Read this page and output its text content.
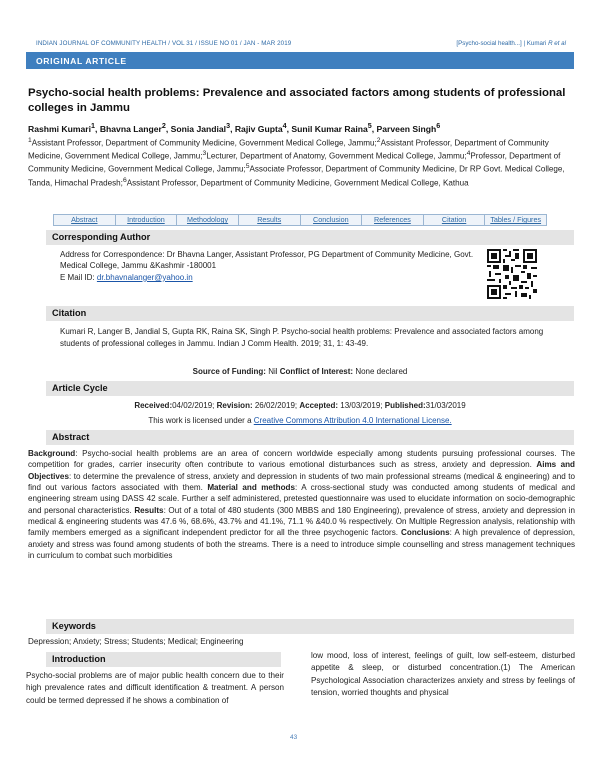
INDIAN JOURNAL OF COMMUNITY HEALTH / VOL 31 / ISSUE NO 01 / JAN - MAR 2019	[Psycho-social health...] | Kumari R et al
ORIGINAL ARTICLE
Psycho-social health problems: Prevalence and associated factors among students of professional colleges in Jammu
Rashmi Kumari$^1$, Bhavna Langer$^2$, Sonia Jandial$^3$, Rajiv Gupta$^4$, Sunil Kumar Raina$^5$, Parveen Singh$^6$
$^1$Assistant Professor, Department of Community Medicine, Government Medical College, Jammu;$^2$Assistant Professor, Department of Community Medicine, Government Medical College, Jammu;$^3$Lecturer, Department of Anatomy, Government Medical College, Jammu;$^4$Professor, Department of Community Medicine, Government Medical College, Jammu;$^5$Associate Professor, Department of Community Medicine, Dr RP Govt. Medical College, Tanda, Himachal Pradesh;$^6$Assistant Professor, Department of Community Medicine, Government Medical College, Kathua
Abstract	Introduction	Methodology	Results	Conclusion	References	Citation	Tables / Figures
Corresponding Author
Address for Correspondence: Dr Bhavna Langer, Assistant Professor, PG Department of Community Medicine, Govt. Medical College, Jammu &Kashmir -180001
E Mail ID: dr.bhavnalanger@yahoo.in
Citation
Kumari R, Langer B, Jandial S, Gupta RK, Raina SK, Singh P. Psycho-social health problems: Prevalence and associated factors among students of professional colleges in Jammu. Indian J Comm Health. 2019; 31, 1: 43-49.
Source of Funding: Nil Conflict of Interest: None declared
Article Cycle
Received:04/02/2019; Revision: 26/02/2019; Accepted: 13/03/2019; Published:31/03/2019
This work is licensed under a Creative Commons Attribution 4.0 International License.
Abstract
Background: Psycho-social health problems are an area of concern worldwide especially among students pursuing professional courses. The competition for grades, carrier insecurity often contribute to various emotional disturbances such as stress, anxiety and depression. Aims and Objectives: to determine the prevalence of stress, anxiety and depression in students of two main professional streams (medical & engineering) and to find out various factors associated with them. Material and methods: A cross-sectional study was conducted among students of medical and engineering stream using DASS 42 scale. Further a self administered, pretested questionnaire was used to elucidate information on socio-demographic and personal characteristics. Results: Out of a total of 480 students (300 MBBS and 180 Engineering), prevalence of stress, anxiety and depression in medical & engineering students was 47.6 %, 68.6%, 43.7% and 41.1%, 71.1 % &40.0 % respectively. On Multiple Regression analysis, relationship with family members emerged as a significant independent predictor for all the three psychogenic factors. Conclusions: A high prevalence of depression, anxiety and stress was found among students of both the streams. There is a need to introduce simple counselling and stress management techniques in curriculum to combat such morbidities
Keywords
Depression; Anxiety; Stress; Students; Medical; Engineering
Introduction
Psycho-social problems are of major public health concern due to their high prevalence rates and difficult identification & treatment. A person could be termed depressed if he shows a combination of
low mood, loss of interest, feelings of guilt, low self-esteem, disturbed appetite & sleep, or disturbed concentration.(1) The American Psychological Association characterizes anxiety and stress by feelings of tension, worried thoughts and physical
43
